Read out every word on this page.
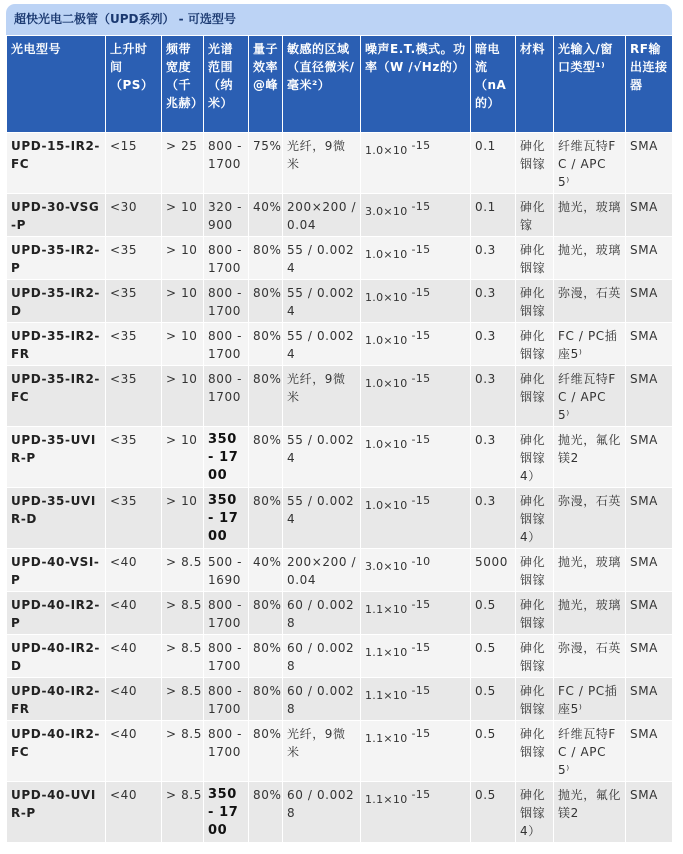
超快光电二极管（UPD系列） - 可选型号
光电型号	上升时间（PS）	频带宽度（千兆赫）	光谱范围（纳米）	量子效率@峰	敏感的区域（直径微米/毫米²）	噪声E.T.模式。功率（W /√Hz的）	暗电流（nA的）	材料	光输入/窗口类型¹⁾	RF输出连接器
UPD-15-IR2-FC	<15	> 25	800 - 1700	75%	光纤，9微米	1.0×10 $^{-15}$	0.1	砷化铟镓	纤维瓦特FC / APC 5⁾	SMA
UPD-30-VSG-P	<30	> 10	320 - 900	40%	200×200 / 0.04	3.0×10 $^{-15}$	0.1	砷化镓	抛光，玻璃	SMA
UPD-35-IR2-P	<35	> 10	800 - 1700	80%	55 / 0.0024	1.0×10 $^{-15}$	0.3	砷化铟镓	抛光，玻璃	SMA
UPD-35-IR2-D	<35	> 10	800 - 1700	80%	55 / 0.0024	1.0×10 $^{-15}$	0.3	砷化铟镓	弥漫，石英	SMA
UPD-35-IR2-FR	<35	> 10	800 - 1700	80%	55 / 0.0024	1.0×10 $^{-15}$	0.3	砷化铟镓	FC / PC插座5⁾	SMA
UPD-35-IR2-FC	<35	> 10	800 - 1700	80%	光纤，9微米	1.0×10 $^{-15}$	0.3	砷化铟镓	纤维瓦特FC / APC 5⁾	SMA
UPD-35-UVIR-P	<35	> 10	350 - 1700	80%	55 / 0.0024	1.0×10 $^{-15}$	0.3	砷化铟镓4）	抛光，氟化镁2	SMA
UPD-35-UVIR-D	<35	> 10	350 - 1700	80%	55 / 0.0024	1.0×10 $^{-15}$	0.3	砷化铟镓4）	弥漫，石英	SMA
UPD-40-VSI-P	<40	> 8.5	500 - 1690	40%	200×200 / 0.04	3.0×10 $^{-10}$	5000	砷化铟镓	抛光，玻璃	SMA
UPD-40-IR2-P	<40	> 8.5	800 - 1700	80%	60 / 0.0028	1.1×10 $^{-15}$	0.5	砷化铟镓	抛光，玻璃	SMA
UPD-40-IR2-D	<40	> 8.5	800 - 1700	80%	60 / 0.0028	1.1×10 $^{-15}$	0.5	砷化铟镓	弥漫，石英	SMA
UPD-40-IR2-FR	<40	> 8.5	800 - 1700	80%	60 / 0.0028	1.1×10 $^{-15}$	0.5	砷化铟镓	FC / PC插座5⁾	SMA
UPD-40-IR2-FC	<40	> 8.5	800 - 1700	80%	光纤，9微米	1.1×10 $^{-15}$	0.5	砷化铟镓	纤维瓦特FC / APC 5⁾	SMA
UPD-40-UVIR-P	<40	> 8.5	350 - 1700	80%	60 / 0.0028	1.1×10 $^{-15}$	0.5	砷化铟镓4）	抛光，氟化镁2	SMA
